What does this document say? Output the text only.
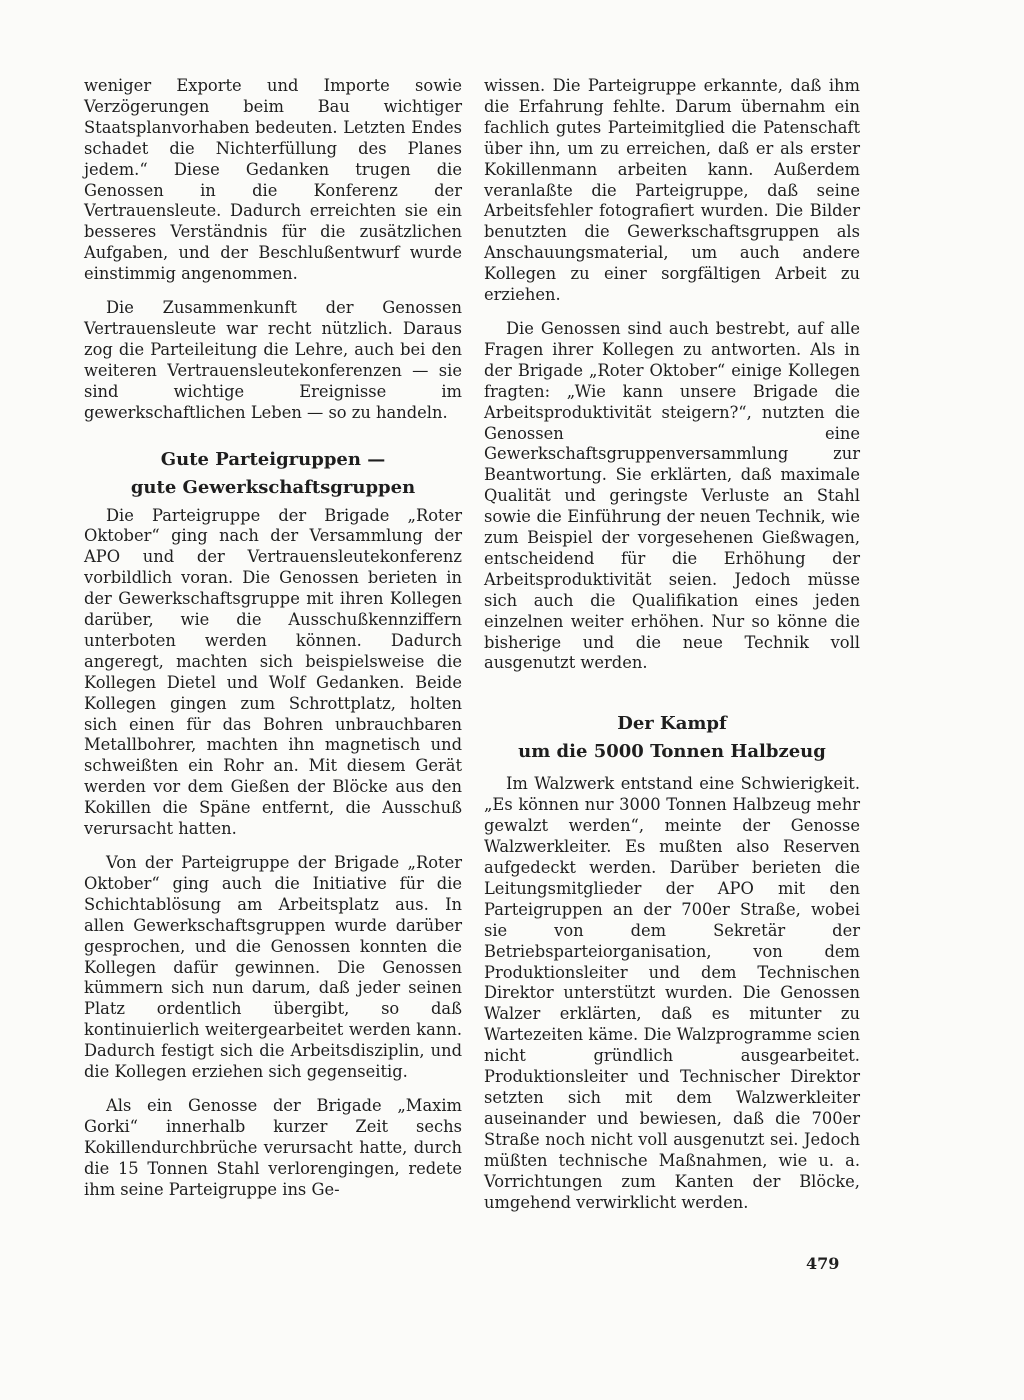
weniger Exporte und Importe sowie Verzögerungen beim Bau wichtiger Staatsplanvorhaben bedeuten. Letzten Endes schadet die Nichterfüllung des Planes jedem.“ Diese Gedanken trugen die Genossen in die Konferenz der Vertrauensleute. Dadurch erreichten sie ein besseres Verständnis für die zusätzlichen Aufgaben, und der Beschlußentwurf wurde einstimmig angenommen.

Die Zusammenkunft der Genossen Vertrauensleute war recht nützlich. Daraus zog die Parteileitung die Lehre, auch bei den weiteren Vertrauensleutekonferenzen — sie sind wichtige Ereignisse im gewerkschaftlichen Leben — so zu handeln.

Gute Parteigruppen —

gute Gewerkschaftsgruppen

Die Parteigruppe der Brigade „Roter Oktober“ ging nach der Versammlung der APO und der Vertrauensleutekonferenz vorbildlich voran. Die Genossen berieten in der Gewerkschaftsgruppe mit ihren Kollegen darüber, wie die Ausschußkennziffern unterboten werden können. Dadurch angeregt, machten sich beispielsweise die Kollegen Dietel und Wolf Gedanken. Beide Kollegen gingen zum Schrottplatz, holten sich einen für das Bohren unbrauchbaren Metallbohrer, machten ihn magnetisch und schweißten ein Rohr an. Mit diesem Gerät werden vor dem Gießen der Blöcke aus den Kokillen die Späne entfernt, die Ausschuß verursacht hatten.

Von der Parteigruppe der Brigade „Roter Oktober“ ging auch die Initiative für die Schichtablösung am Arbeitsplatz aus. In allen Gewerkschaftsgruppen wurde darüber gesprochen, und die Genossen konnten die Kollegen dafür gewinnen. Die Genossen kümmern sich nun darum, daß jeder seinen Platz ordentlich übergibt, so daß kontinuierlich weitergearbeitet werden kann. Dadurch festigt sich die Arbeitsdisziplin, und die Kollegen erziehen sich gegenseitig.

Als ein Genosse der Brigade „Maxim Gorki“ innerhalb kurzer Zeit sechs Kokillendurchbrüche verursacht hatte, durch die 15 Tonnen Stahl verlorengingen, redete ihm seine Parteigruppe ins Ge-

wissen. Die Parteigruppe erkannte, daß ihm die Erfahrung fehlte. Darum übernahm ein fachlich gutes Parteimitglied die Patenschaft über ihn, um zu erreichen, daß er als erster Kokillenmann arbeiten kann. Außerdem veranlaßte die Parteigruppe, daß seine Arbeitsfehler fotografiert wurden. Die Bilder benutzten die Gewerkschaftsgruppen als Anschauungsmaterial, um auch andere Kollegen zu einer sorgfältigen Arbeit zu erziehen.

Die Genossen sind auch bestrebt, auf alle Fragen ihrer Kollegen zu antworten. Als in der Brigade „Roter Oktober“ einige Kollegen fragten: „Wie kann unsere Brigade die Arbeitsproduktivität steigern?“, nutzten die Genossen eine Gewerkschaftsgruppenversammlung zur Beantwortung. Sie erklärten, daß maximale Qualität und geringste Verluste an Stahl sowie die Einführung der neuen Technik, wie zum Beispiel der vorgesehenen Gießwagen, entscheidend für die Erhöhung der Arbeitsproduktivität seien. Jedoch müsse sich auch die Qualifikation eines jeden einzelnen weiter erhöhen. Nur so könne die bisherige und die neue Technik voll ausgenutzt werden.

Der Kampf

um die 5000 Tonnen Halbzeug

Im Walzwerk entstand eine Schwierigkeit. „Es können nur 3000 Tonnen Halbzeug mehr gewalzt werden“, meinte der Genosse Walzwerkleiter. Es mußten also Reserven aufgedeckt werden. Darüber berieten die Leitungsmitglieder der APO mit den Parteigruppen an der 700er Straße, wobei sie von dem Sekretär der Betriebsparteiorganisation, von dem Produktionsleiter und dem Technischen Direktor unterstützt wurden. Die Genossen Walzer erklärten, daß es mitunter zu Wartezeiten käme. Die Walzprogramme scien nicht gründlich ausgearbeitet. Produktionsleiter und Technischer Direktor setzten sich mit dem Walzwerkleiter auseinander und bewiesen, daß die 700er Straße noch nicht voll ausgenutzt sei. Jedoch müßten technische Maßnahmen, wie u. a. Vorrichtungen zum Kanten der Blöcke, umgehend verwirklicht werden.

479
